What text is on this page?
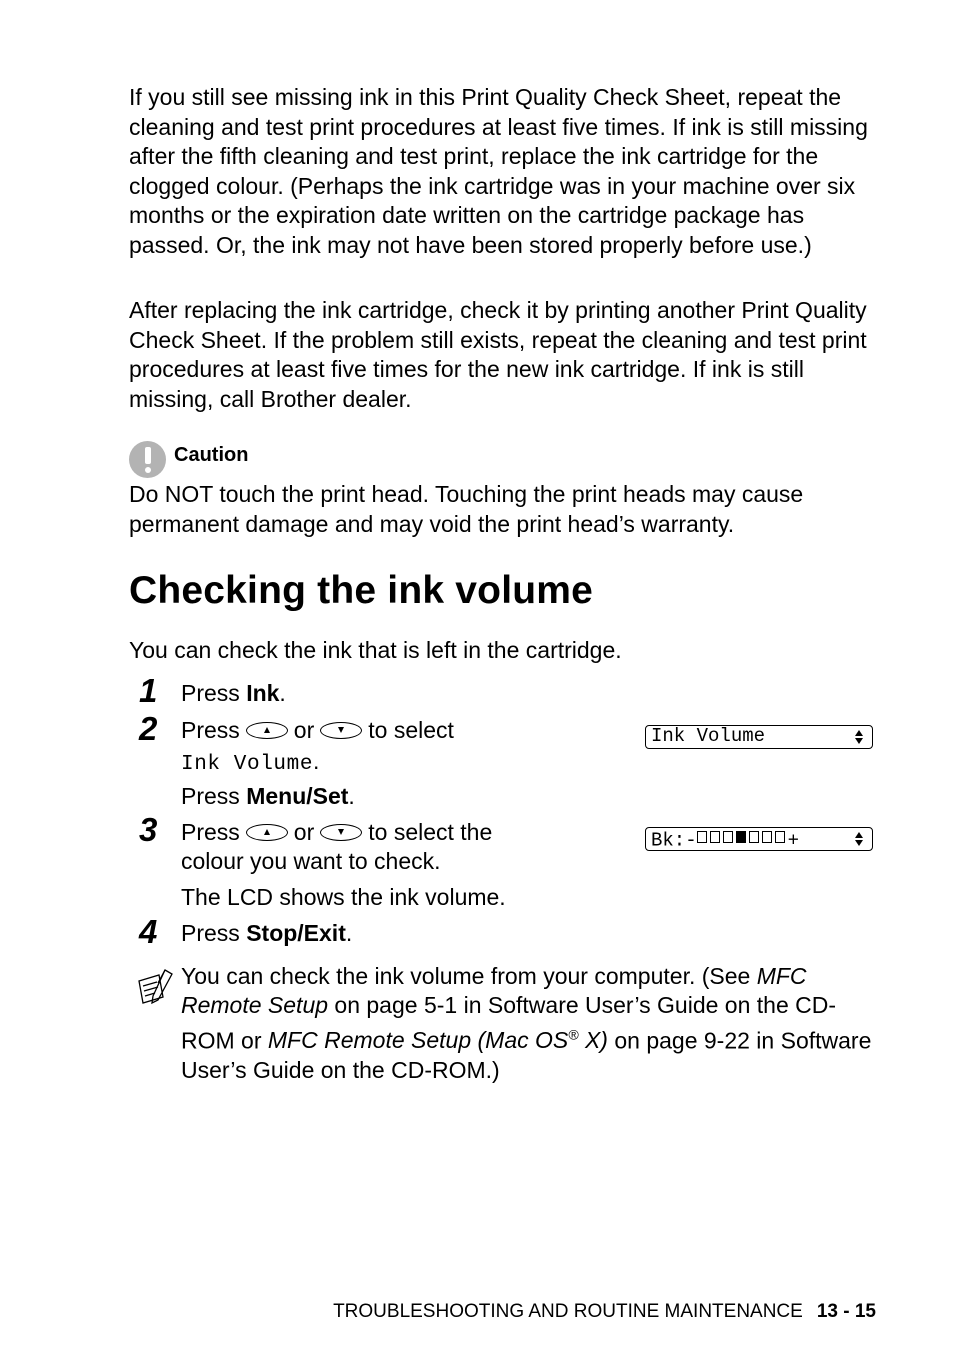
If you still see missing ink in this Print Quality Check Sheet, repeat the cleaning and test print procedures at least five times. If ink is still missing after the fifth cleaning and test print, replace the ink cartridge for the clogged colour. (Perhaps the ink cartridge was in your machine over six months or the expiration date written on the cartridge package has passed. Or, the ink may not have been stored properly before use.)
After replacing the ink cartridge, check it by printing another Print Quality Check Sheet. If the problem still exists, repeat the cleaning and test print procedures at least five times for the new ink cartridge. If ink is still missing, call Brother dealer.
Caution
Do NOT touch the print head. Touching the print heads may cause permanent damage and may void the print head’s warranty.
Checking the ink volume
You can check the ink that is left in the cartridge.
1 Press Ink.
2 Press or to select
Ink Volume.
Press Menu/Set.
Ink Volume
3 Press or to select the
colour you want to check.
The LCD shows the ink volume.
Bk:-	+
4 Press Stop/Exit.
You can check the ink volume from your computer. (See MFC Remote Setup on page 5-1 in Software User’s Guide on the CD-ROM or MFC Remote Setup (Mac OS® X) on page 9-22 in Software User’s Guide on the CD-ROM.)
TROUBLESHOOTING AND ROUTINE MAINTENANCE 13 - 15
